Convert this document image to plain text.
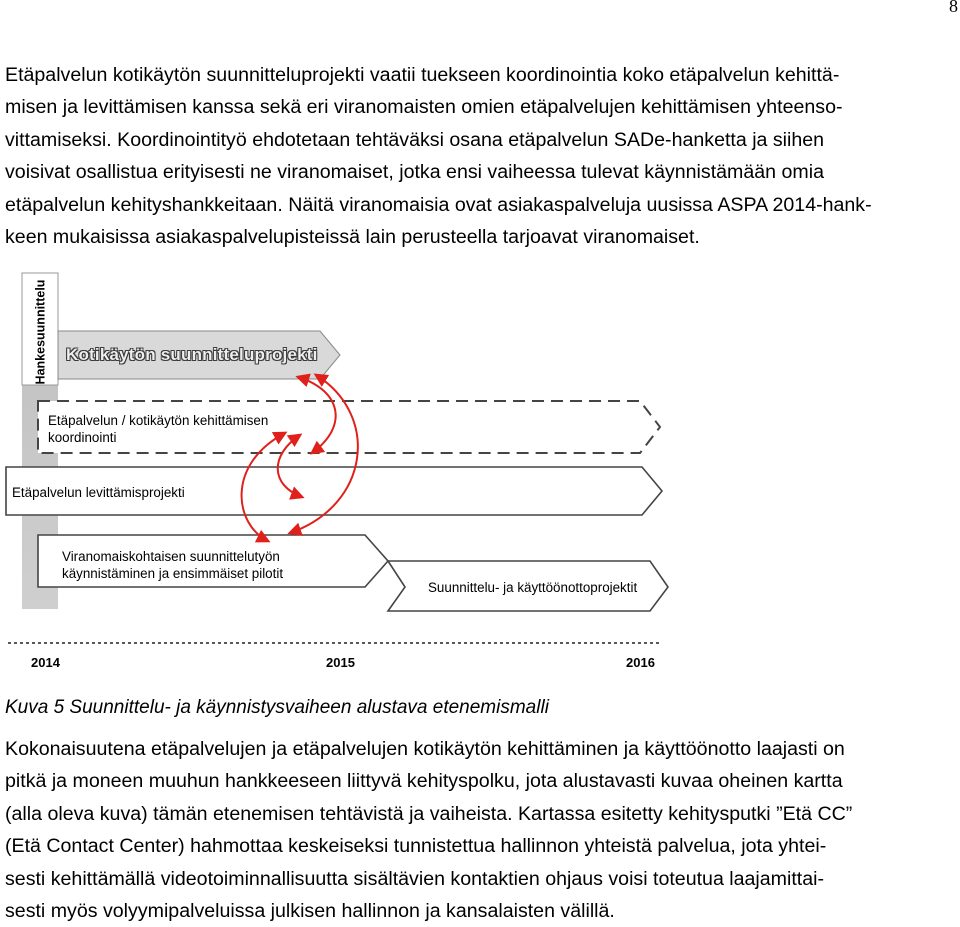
8
Etäpalvelun kotikäytön suunnitteluprojekti vaatii tuekseen koordinointia koko etäpalvelun kehittä-
misen ja levittämisen kanssa sekä eri viranomaisten omien etäpalvelujen kehittämisen yhteenso-
vittamiseksi. Koordinointityö ehdotetaan tehtäväksi osana etäpalvelun SADe-hanketta ja siihen
voisivat osallistua erityisesti ne viranomaiset, jotka ensi vaiheessa tulevat käynnistämään omia
etäpalvelun kehityshankkeitaan. Näitä viranomaisia ovat asiakaspalveluja uusissa ASPA 2014-hank-
keen mukaisissa asiakaspalvelupisteissä lain perusteella tarjoavat viranomaiset.
Hankesuunnittelu Kotikäytön suunnitteluprojekti
Etäpalvelun / kotikäytön kehittämisen
koordinointi
Etäpalvelun levittämisprojekti
Viranomaiskohtaisen suunnittelutyön
käynnistäminen ja ensimmäiset pilotit
Suunnittelu- ja käyttöönottoprojektit
2014	2015	2016

Kuva 5 Suunnittelu- ja käynnistysvaiheen alustava etenemismalli

Kokonaisuutena etäpalvelujen ja etäpalvelujen kotikäytön kehittäminen ja käyttöönotto laajasti on
pitkä ja moneen muuhun hankkeeseen liittyvä kehityspolku, jota alustavasti kuvaa oheinen kartta
(alla oleva kuva) tämän etenemisen tehtävistä ja vaiheista. Kartassa esitetty kehitysputki ”Etä CC”
(Etä Contact Center) hahmottaa keskeiseksi tunnistettua hallinnon yhteistä palvelua, jota yhtei-
sesti kehittämällä videotoiminnallisuutta sisältävien kontaktien ohjaus voisi toteutua laajamittai-
sesti myös volyymipalveluissa julkisen hallinnon ja kansalaisten välillä.
